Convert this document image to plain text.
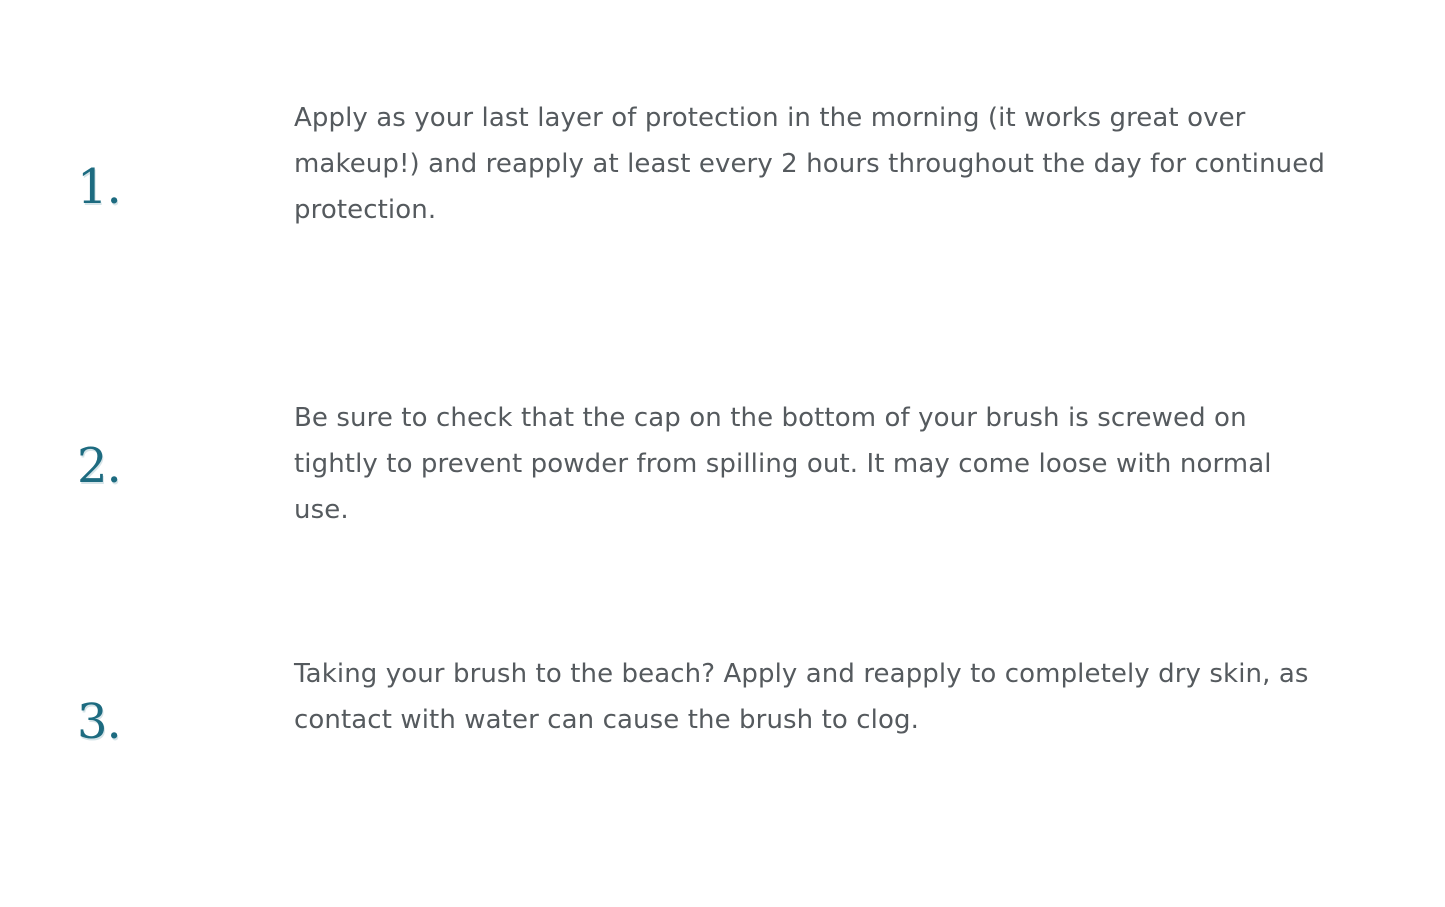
1.

Apply as your last layer of protection in the morning (it works great over makeup!) and reapply at least every 2 hours throughout the day for continued protection.

2.

Be sure to check that the cap on the bottom of your brush is screwed on tightly to prevent powder from spilling out. It may come loose with normal use.

3.

Taking your brush to the beach? Apply and reapply to completely dry skin, as contact with water can cause the brush to clog.
